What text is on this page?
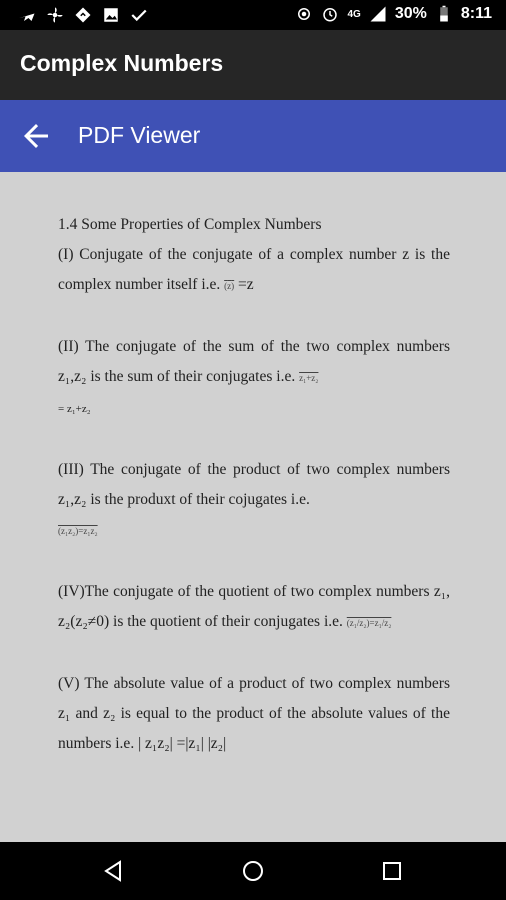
4G 30% 8:11
Complex Numbers
PDF Viewer

1.4 Some Properties of Complex Numbers

(I) Conjugate of the conjugate of a complex number z is the complex number itself i.e. (z) =z

(II) The conjugate of the sum of the two complex numbers z₁,z₂ is the sum of their conjugates i.e. z₁+z₂
= z₁+z₂

(III) The conjugate of the product of two complex numbers z₁,z₂ is the produxt of their cojugates i.e.
(z₁z₂)=z₁z₂

(IV)The conjugate of the quotient of two complex numbers z₁, z₂(z₂≠0) is the quotient of their conjugates i.e. (z₁/z₂)=z₁/z₂

(V) The absolute value of a product of two complex numbers z₁ and z₂ is equal to the product of the absolute values of the numbers i.e. | z₁z₂| =|z₁| |z₂|
